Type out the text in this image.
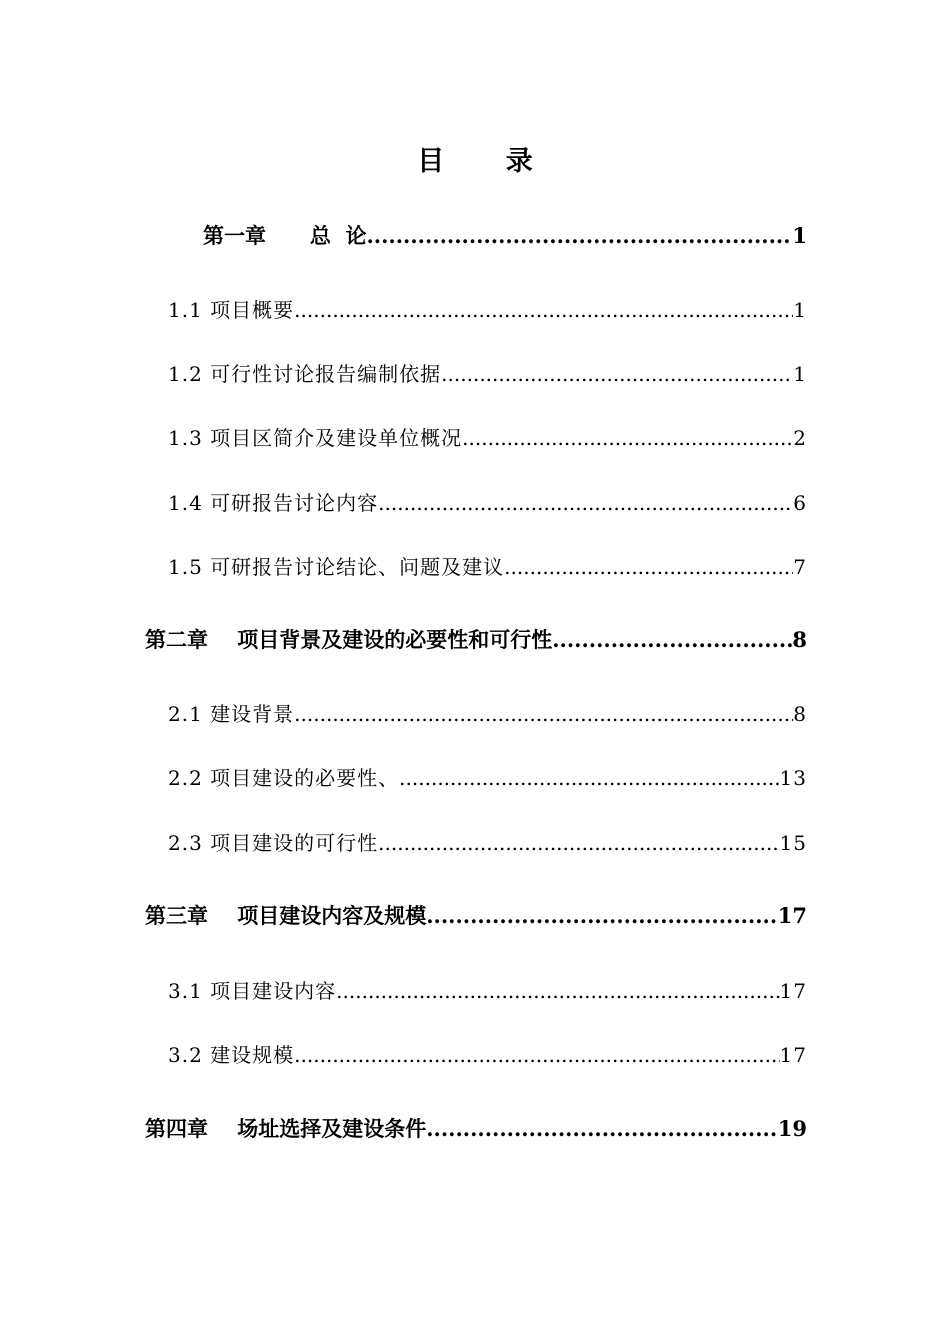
目 录
第一章      总  论 .....	1
1.1 项目概要 .....	1
1.2 可行性讨论报告编制依据 .....	1
1.3 项目区简介及建设单位概况 .....	2
1.4 可研报告讨论内容 .....	6
1.5 可研报告讨论结论、问题及建议 .....	7
第二章    项目背景及建设的必要性和可行性 .....	8
2.1 建设背景 .....	8
2.2 项目建设的必要性、 .....	13
2.3 项目建设的可行性 .....	15
第三章    项目建设内容及规模 .....	17
3.1 项目建设内容 .....	17
3.2 建设规模 .....	17
第四章    场址选择及建设条件 .....	19
